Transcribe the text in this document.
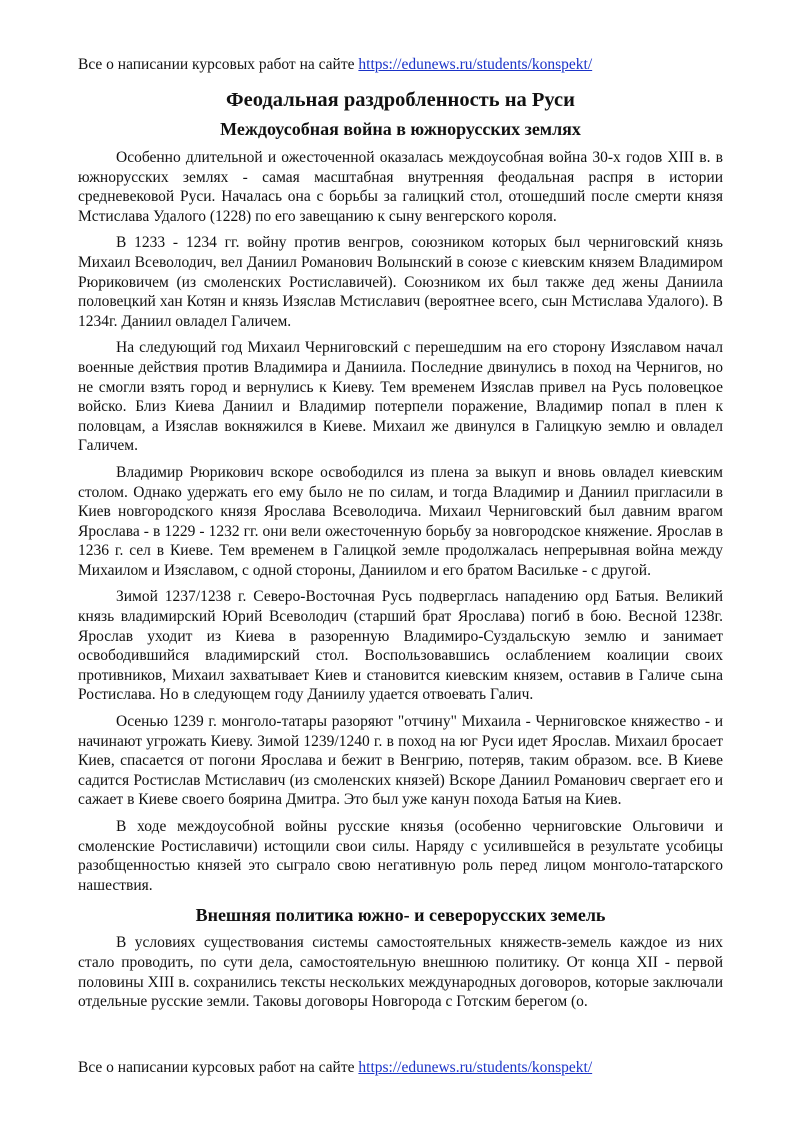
Все о написании курсовых работ на сайте https://edunews.ru/students/konspekt/
Феодальная раздробленность на Руси
Междоусобная война в южнорусских землях

Особенно длительной и ожесточенной оказалась междоусобная война 30-х годов XIII в. в южнорусских землях - самая масштабная внутренняя феодальная распря в истории средневековой Руси. Началась она с борьбы за галицкий стол, отошедший после смерти князя Мстислава Удалого (1228) по его завещанию к сыну венгерского короля.

В 1233 - 1234 гг. войну против венгров, союзником которых был черниговский князь Михаил Всеволодич, вел Даниил Романович Волынский в союзе с киевским князем Владимиром Рюриковичем (из смоленских Ростиславичей). Союзником их был также дед жены Даниила половецкий хан Котян и князь Изяслав Мстиславич (вероятнее всего, сын Мстислава Удалого). В 1234г. Даниил овладел Галичем.

На следующий год Михаил Черниговский с перешедшим на его сторону Изяславом начал военные действия против Владимира и Даниила. Последние двинулись в поход на Чернигов, но не смогли взять город и вернулись к Киеву. Тем временем Изяслав привел на Русь половецкое войско. Близ Киева Даниил и Владимир потерпели поражение, Владимир попал в плен к половцам, а Изяслав вокняжился в Киеве. Михаил же двинулся в Галицкую землю и овладел Галичем.

Владимир Рюрикович вскоре освободился из плена за выкуп и вновь овладел киевским столом. Однако удержать его ему было не по силам, и тогда Владимир и Даниил пригласили в Киев новгородского князя Ярослава Всеволодича. Михаил Черниговский был давним врагом Ярослава - в 1229 - 1232 гг. они вели ожесточенную борьбу за новгородское княжение. Ярослав в 1236 г. сел в Киеве. Тем временем в Галицкой земле продолжалась непрерывная война между Михаилом и Изяславом, с одной стороны, Даниилом и его братом Васильке - с другой.

Зимой 1237/1238 г. Северо-Восточная Русь подверглась нападению орд Батыя. Великий князь владимирский Юрий Всеволодич (старший брат Ярослава) погиб в бою. Весной 1238г. Ярослав уходит из Киева в разоренную Владимиро-Суздальскую землю и занимает освободившийся владимирский стол. Воспользовавшись ослаблением коалиции своих противников, Михаил захватывает Киев и становится киевским князем, оставив в Галиче сына Ростислава. Но в следующем году Даниилу удается отвоевать Галич.

Осенью 1239 г. монголо-татары разоряют "отчину" Михаила - Черниговское княжество - и начинают угрожать Киеву. Зимой 1239/1240 г. в поход на юг Руси идет Ярослав. Михаил бросает Киев, спасается от погони Ярослава и бежит в Венгрию, потеряв, таким образом. все. В Киеве садится Ростислав Мстиславич (из смоленских князей) Вскоре Даниил Романович свергает его и сажает в Киеве своего боярина Дмитра. Это был уже канун похода Батыя на Киев.

В ходе междоусобной войны русские князья (особенно черниговские Ольговичи и смоленские Ростиславичи) истощили свои силы. Наряду с усилившейся в результате усобицы разобщенностью князей это сыграло свою негативную роль перед лицом монголо-татарского нашествия.

Внешняя политика южно- и северорусских земель

В условиях существования системы самостоятельных княжеств-земель каждое из них стало проводить, по сути дела, самостоятельную внешнюю политику. От конца XII - первой половины XIII в. сохранились тексты нескольких международных договоров, которые заключали отдельные русские земли. Таковы договоры Новгорода с Готским берегом (о.

Все о написании курсовых работ на сайте https://edunews.ru/students/konspekt/
